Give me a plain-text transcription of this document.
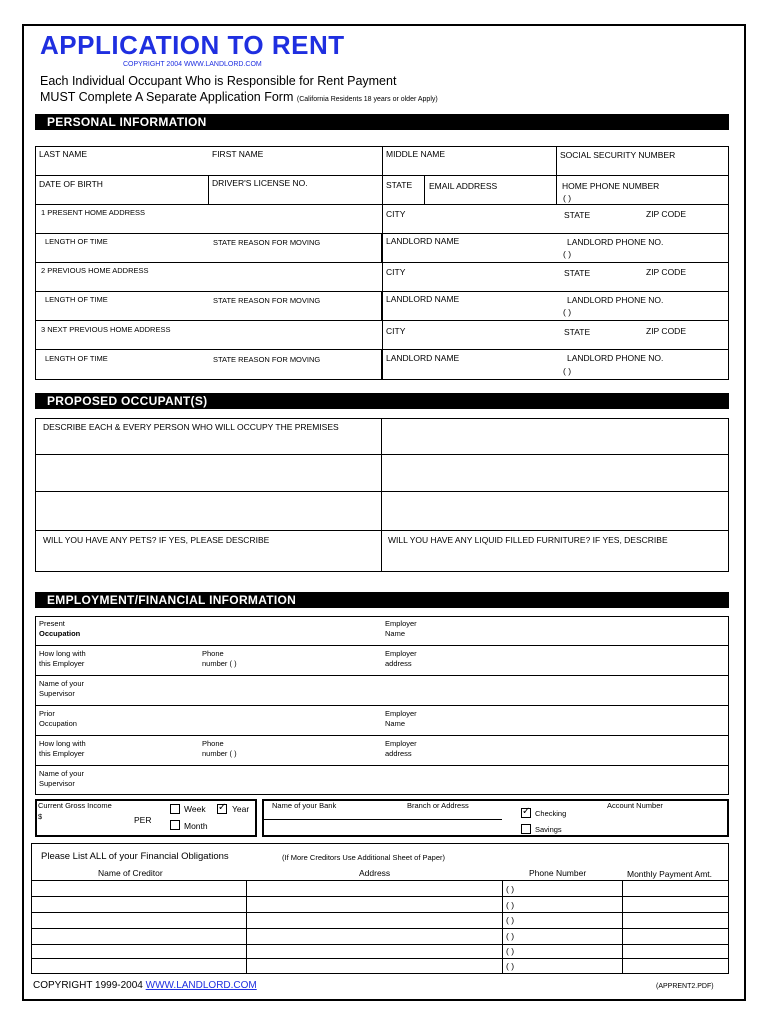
APPLICATION TO RENT
COPYRIGHT 2004 WWW.LANDLORD.COM
Each Individual Occupant Who is Responsible for Rent Payment
MUST Complete A Separate Application Form (California Residents 18 years or older Apply)
PERSONAL INFORMATION
LAST NAME	FIRST NAME	MIDDLE NAME	SOCIAL SECURITY NUMBER
DATE OF BIRTH	DRIVER'S LICENSE NO.	STATE EMAIL ADDRESS	HOME PHONE NUMBER
( )
1 PRESENT HOME ADDRESS	CITY	STATE	ZIP CODE
LENGTH OF TIME	STATE REASON FOR MOVING	LANDLORD NAME	LANDLORD PHONE NO.
( )
2 PREVIOUS HOME ADDRESS	CITY	STATE	ZIP CODE
LENGTH OF TIME	STATE REASON FOR MOVING	LANDLORD NAME	LANDLORD PHONE NO.
( )
3 NEXT PREVIOUS HOME ADDRESS	CITY	STATE	ZIP CODE
LENGTH OF TIME	STATE REASON FOR MOVING	LANDLORD NAME	LANDLORD PHONE NO.
( )
PROPOSED OCCUPANT(S)
DESCRIBE EACH & EVERY PERSON WHO WILL OCCUPY THE PREMISES
WILL YOU HAVE ANY PETS? IF YES, PLEASE DESCRIBE	WILL YOU HAVE ANY LIQUID FILLED FURNITURE? IF YES, DESCRIBE
EMPLOYMENT/FINANCIAL INFORMATION
Present
Occupation
Employer
Name
How long with
this Employer
Phone
number ( )
Employer
address
Name of your
Supervisor
Prior
Occupation
Employer
Name
How long with
this Employer
Phone
number ( )
Employer
address
Name of your
Supervisor
Current Gross Income
$	PER
Week
✓	Year
Month
Name of your Bank	Branch or Address
✓
Checking
Savings
Account Number
Please List ALL of your Financial Obligations	(If More Creditors Use Additional Sheet of Paper)
Name of Creditor	Address	Phone Number	Monthly Payment Amt.
( )
( )
( )
( )
( )
( )
COPYRIGHT 1999-2004 WWW.LANDLORD.COM	(APPRENT2.PDF)
